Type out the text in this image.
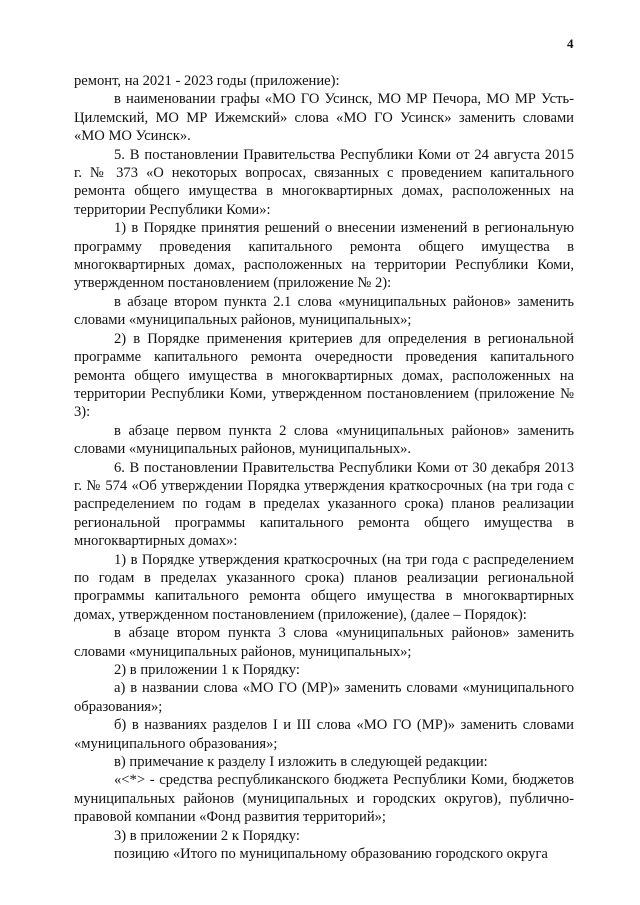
4

ремонт, на 2021 - 2023 годы (приложение):

в наименовании графы «МО ГО Усинск, МО МР Печора, МО МР Усть-Цилемский, МО МР Ижемский» слова «МО ГО Усинск» заменить словами «МО МО Усинск».

5. В постановлении Правительства Республики Коми от 24 августа 2015 г. № 373 «О некоторых вопросах, связанных с проведением капитального ремонта общего имущества в многоквартирных домах, расположенных на территории Республики Коми»:

1) в Порядке принятия решений о внесении изменений в региональную программу проведения капитального ремонта общего имущества в многоквартирных домах, расположенных на территории Республики Коми, утвержденном постановлением (приложение № 2):

в абзаце втором пункта 2.1 слова «муниципальных районов» заменить словами «муниципальных районов, муниципальных»;

2) в Порядке применения критериев для определения в региональной программе капитального ремонта очередности проведения капитального ремонта общего имущества в многоквартирных домах, расположенных на территории Республики Коми, утвержденном постановлением (приложение № 3):

в абзаце первом пункта 2 слова «муниципальных районов» заменить словами «муниципальных районов, муниципальных».

6. В постановлении Правительства Республики Коми от 30 декабря 2013 г. № 574 «Об утверждении Порядка утверждения краткосрочных (на три года с распределением по годам в пределах указанного срока) планов реализации региональной программы капитального ремонта общего имущества в многоквартирных домах»:

1) в Порядке утверждения краткосрочных (на три года с распределением по годам в пределах указанного срока) планов реализации региональной программы капитального ремонта общего имущества в многоквартирных домах, утвержденном постановлением (приложение), (далее – Порядок):

в абзаце втором пункта 3 слова «муниципальных районов» заменить словами «муниципальных районов, муниципальных»;

2) в приложении 1 к Порядку:

а) в названии слова «МО ГО (МР)» заменить словами «муниципального образования»;

б) в названиях разделов I и III слова «МО ГО (МР)» заменить словами «муниципального образования»;

в) примечание к разделу I изложить в следующей редакции:

«<*> - средства республиканского бюджета Республики Коми, бюджетов муниципальных районов (муниципальных и городских округов), публично-правовой компании «Фонд развития территорий»;

3) в приложении 2 к Порядку:

позицию «Итого по муниципальному образованию городского округа
